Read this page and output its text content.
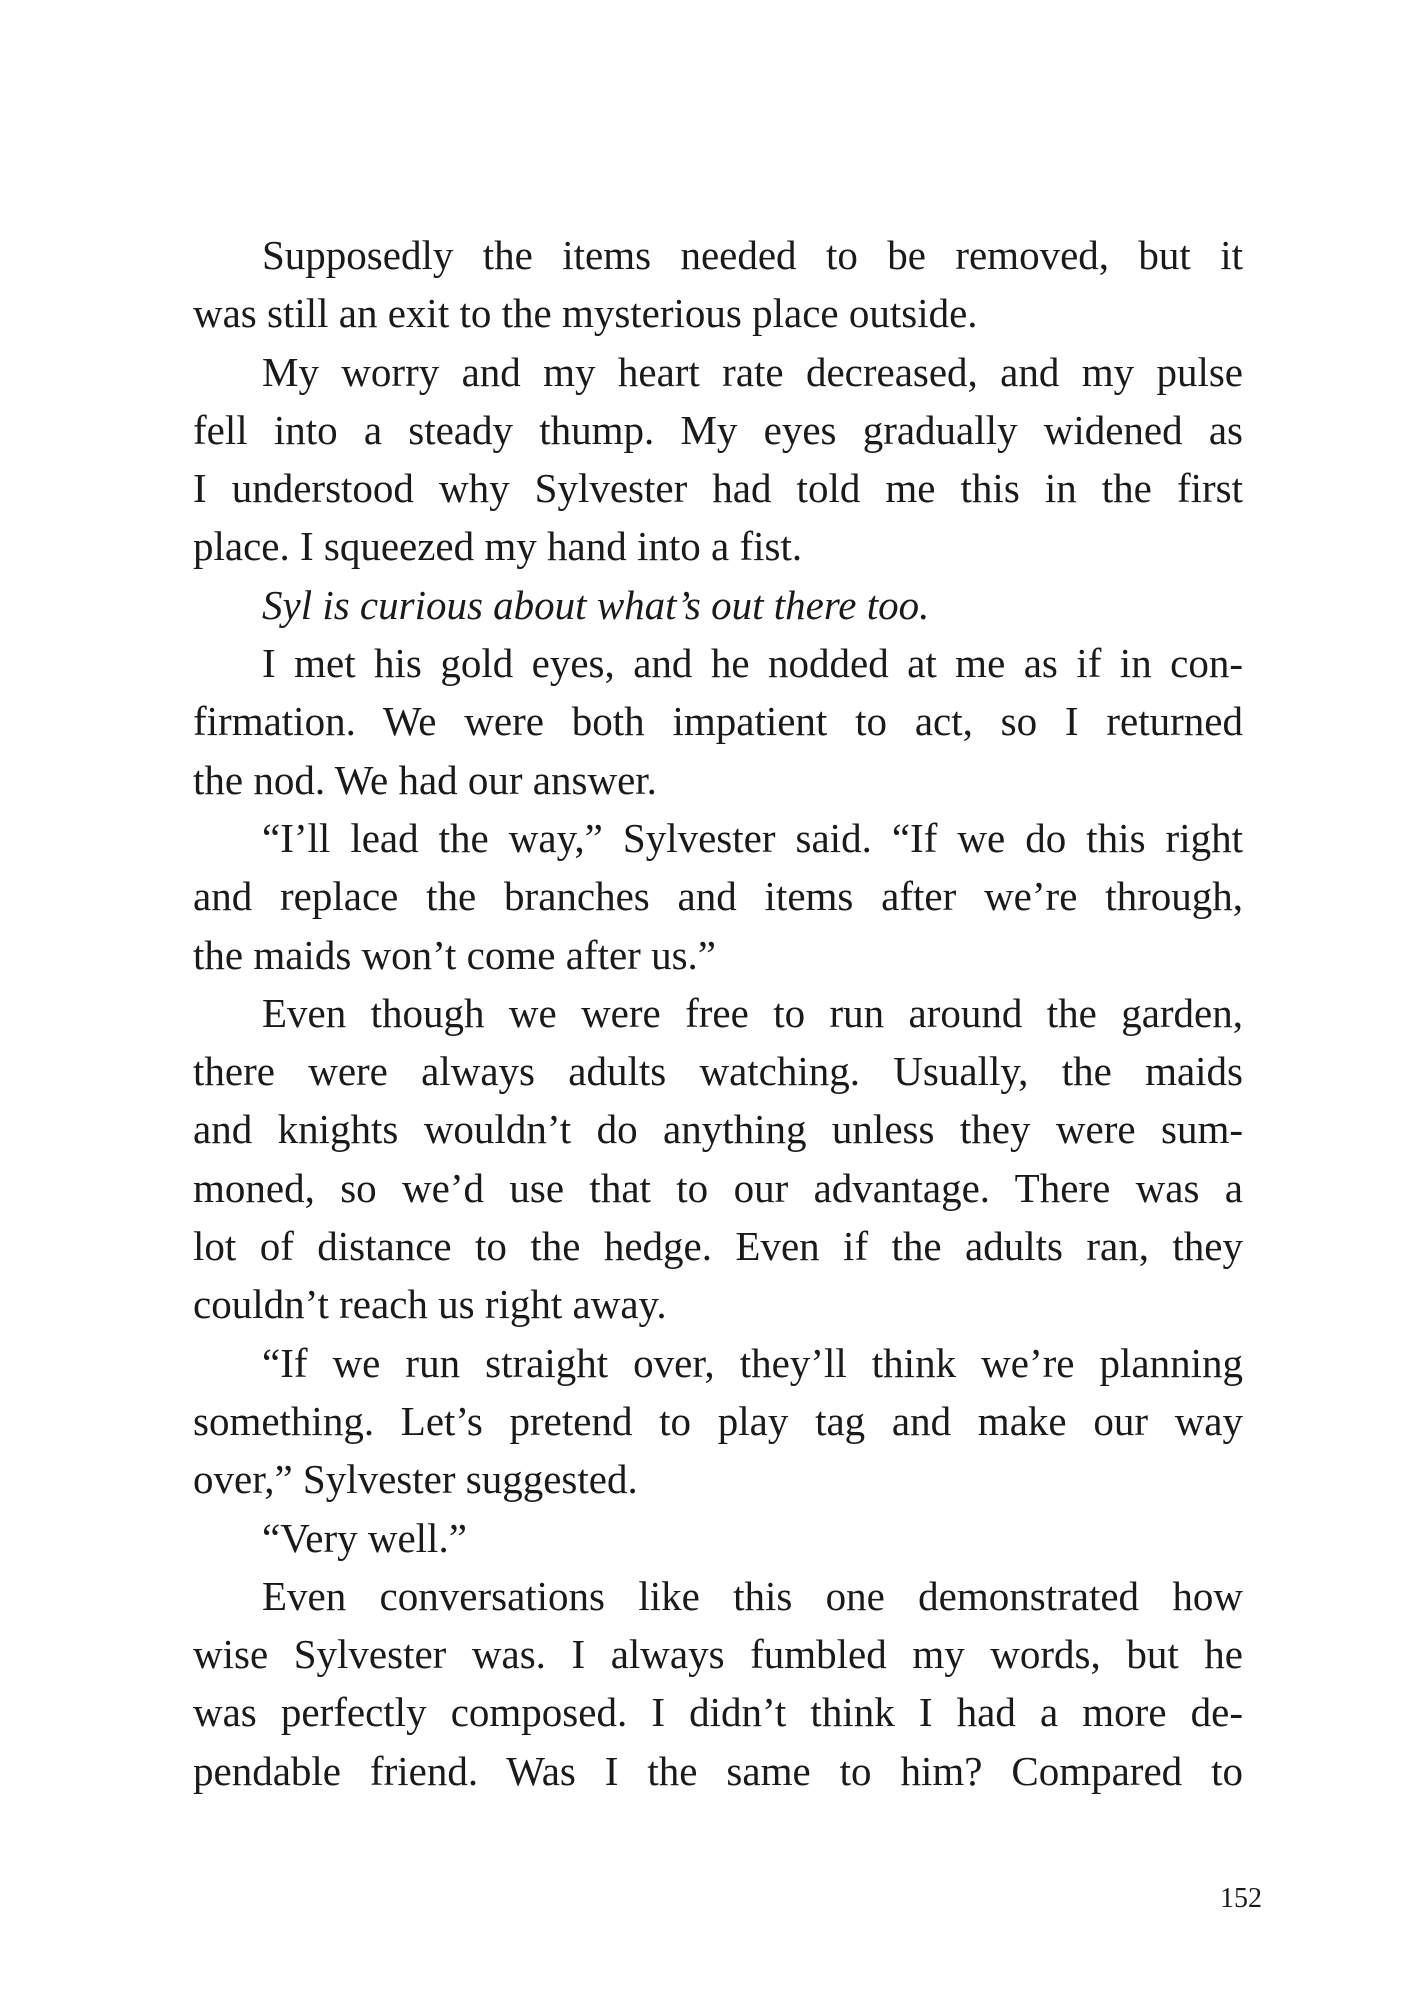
Supposedly the items needed to be removed, but it
was still an exit to the mysterious place outside.
My worry and my heart rate decreased, and my pulse
fell into a steady thump. My eyes gradually widened as
I understood why Sylvester had told me this in the first
place. I squeezed my hand into a fist.
Syl is curious about what’s out there too.
I met his gold eyes, and he nodded at me as if in con-
firmation. We were both impatient to act, so I returned
the nod. We had our answer.
“I’ll lead the way,” Sylvester said. “If we do this right
and replace the branches and items after we’re through,
the maids won’t come after us.”
Even though we were free to run around the garden,
there were always adults watching. Usually, the maids
and knights wouldn’t do anything unless they were sum-
moned, so we’d use that to our advantage. There was a
lot of distance to the hedge. Even if the adults ran, they
couldn’t reach us right away.
“If we run straight over, they’ll think we’re planning
something. Let’s pretend to play tag and make our way
over,” Sylvester suggested.
“Very well.”
Even conversations like this one demonstrated how
wise Sylvester was. I always fumbled my words, but he
was perfectly composed. I didn’t think I had a more de-
pendable friend. Was I the same to him? Compared to
152
